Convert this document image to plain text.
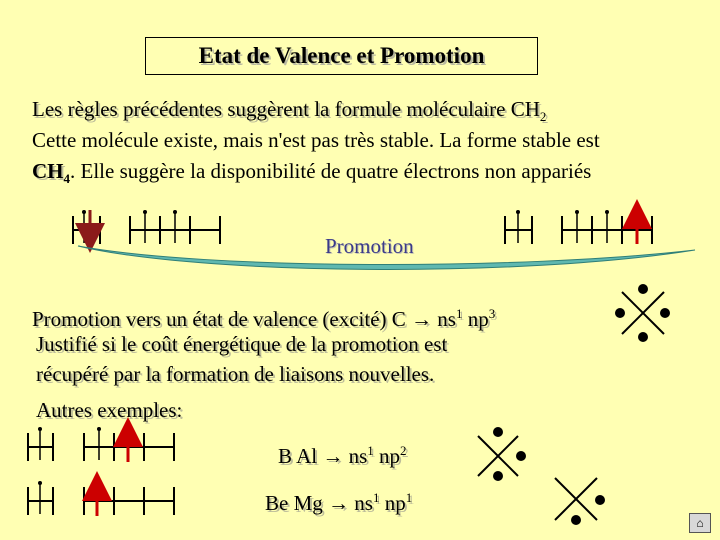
Etat de Valence et Promotion
Les règles précédentes suggèrent la formule moléculaire $CH_2$
Cette molécule existe, mais n'est pas très stable. La forme stable est
$CH_4$. Elle suggère la disponibilité de quatre électrons non appariés
Promotion
Promotion vers un état de valence (excité) $C \to ns^1$ $np^3$
Justifié si le coût énergétique de la promotion est
récupéré par la formation de liaisons nouvelles.
Autres exemples:
B $Al \to ns^1$ $np^2$
Be $Mg \to ns^1$ $np^1$
⌂
